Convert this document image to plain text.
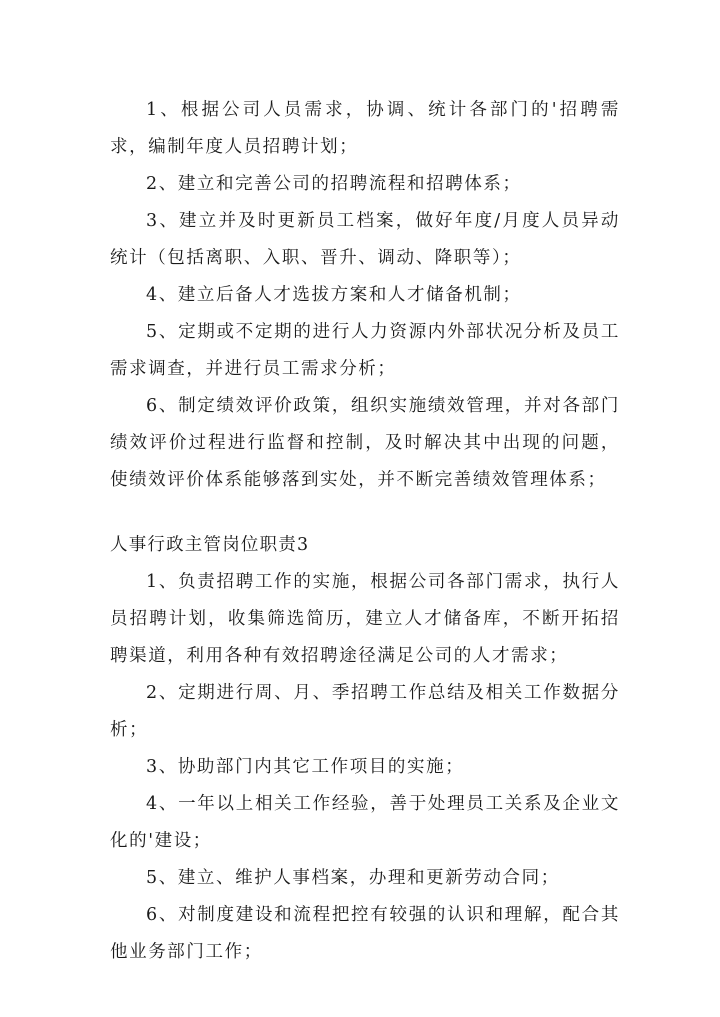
1、根据公司人员需求，协调、统计各部门的'招聘需求，编制年度人员招聘计划；

2、建立和完善公司的招聘流程和招聘体系；

3、建立并及时更新员工档案，做好年度/月度人员异动统计（包括离职、入职、晋升、调动、降职等）；

4、建立后备人才选拔方案和人才储备机制；

5、定期或不定期的进行人力资源内外部状况分析及员工需求调查，并进行员工需求分析；

6、制定绩效评价政策，组织实施绩效管理，并对各部门绩效评价过程进行监督和控制，及时解决其中出现的问题，使绩效评价体系能够落到实处，并不断完善绩效管理体系；

人事行政主管岗位职责3

1、负责招聘工作的实施，根据公司各部门需求，执行人员招聘计划，收集筛选简历，建立人才储备库，不断开拓招聘渠道，利用各种有效招聘途径满足公司的人才需求；

2、定期进行周、月、季招聘工作总结及相关工作数据分析；

3、协助部门内其它工作项目的实施；

4、一年以上相关工作经验，善于处理员工关系及企业文化的'建设；

5、建立、维护人事档案，办理和更新劳动合同；

6、对制度建设和流程把控有较强的认识和理解，配合其他业务部门工作；
